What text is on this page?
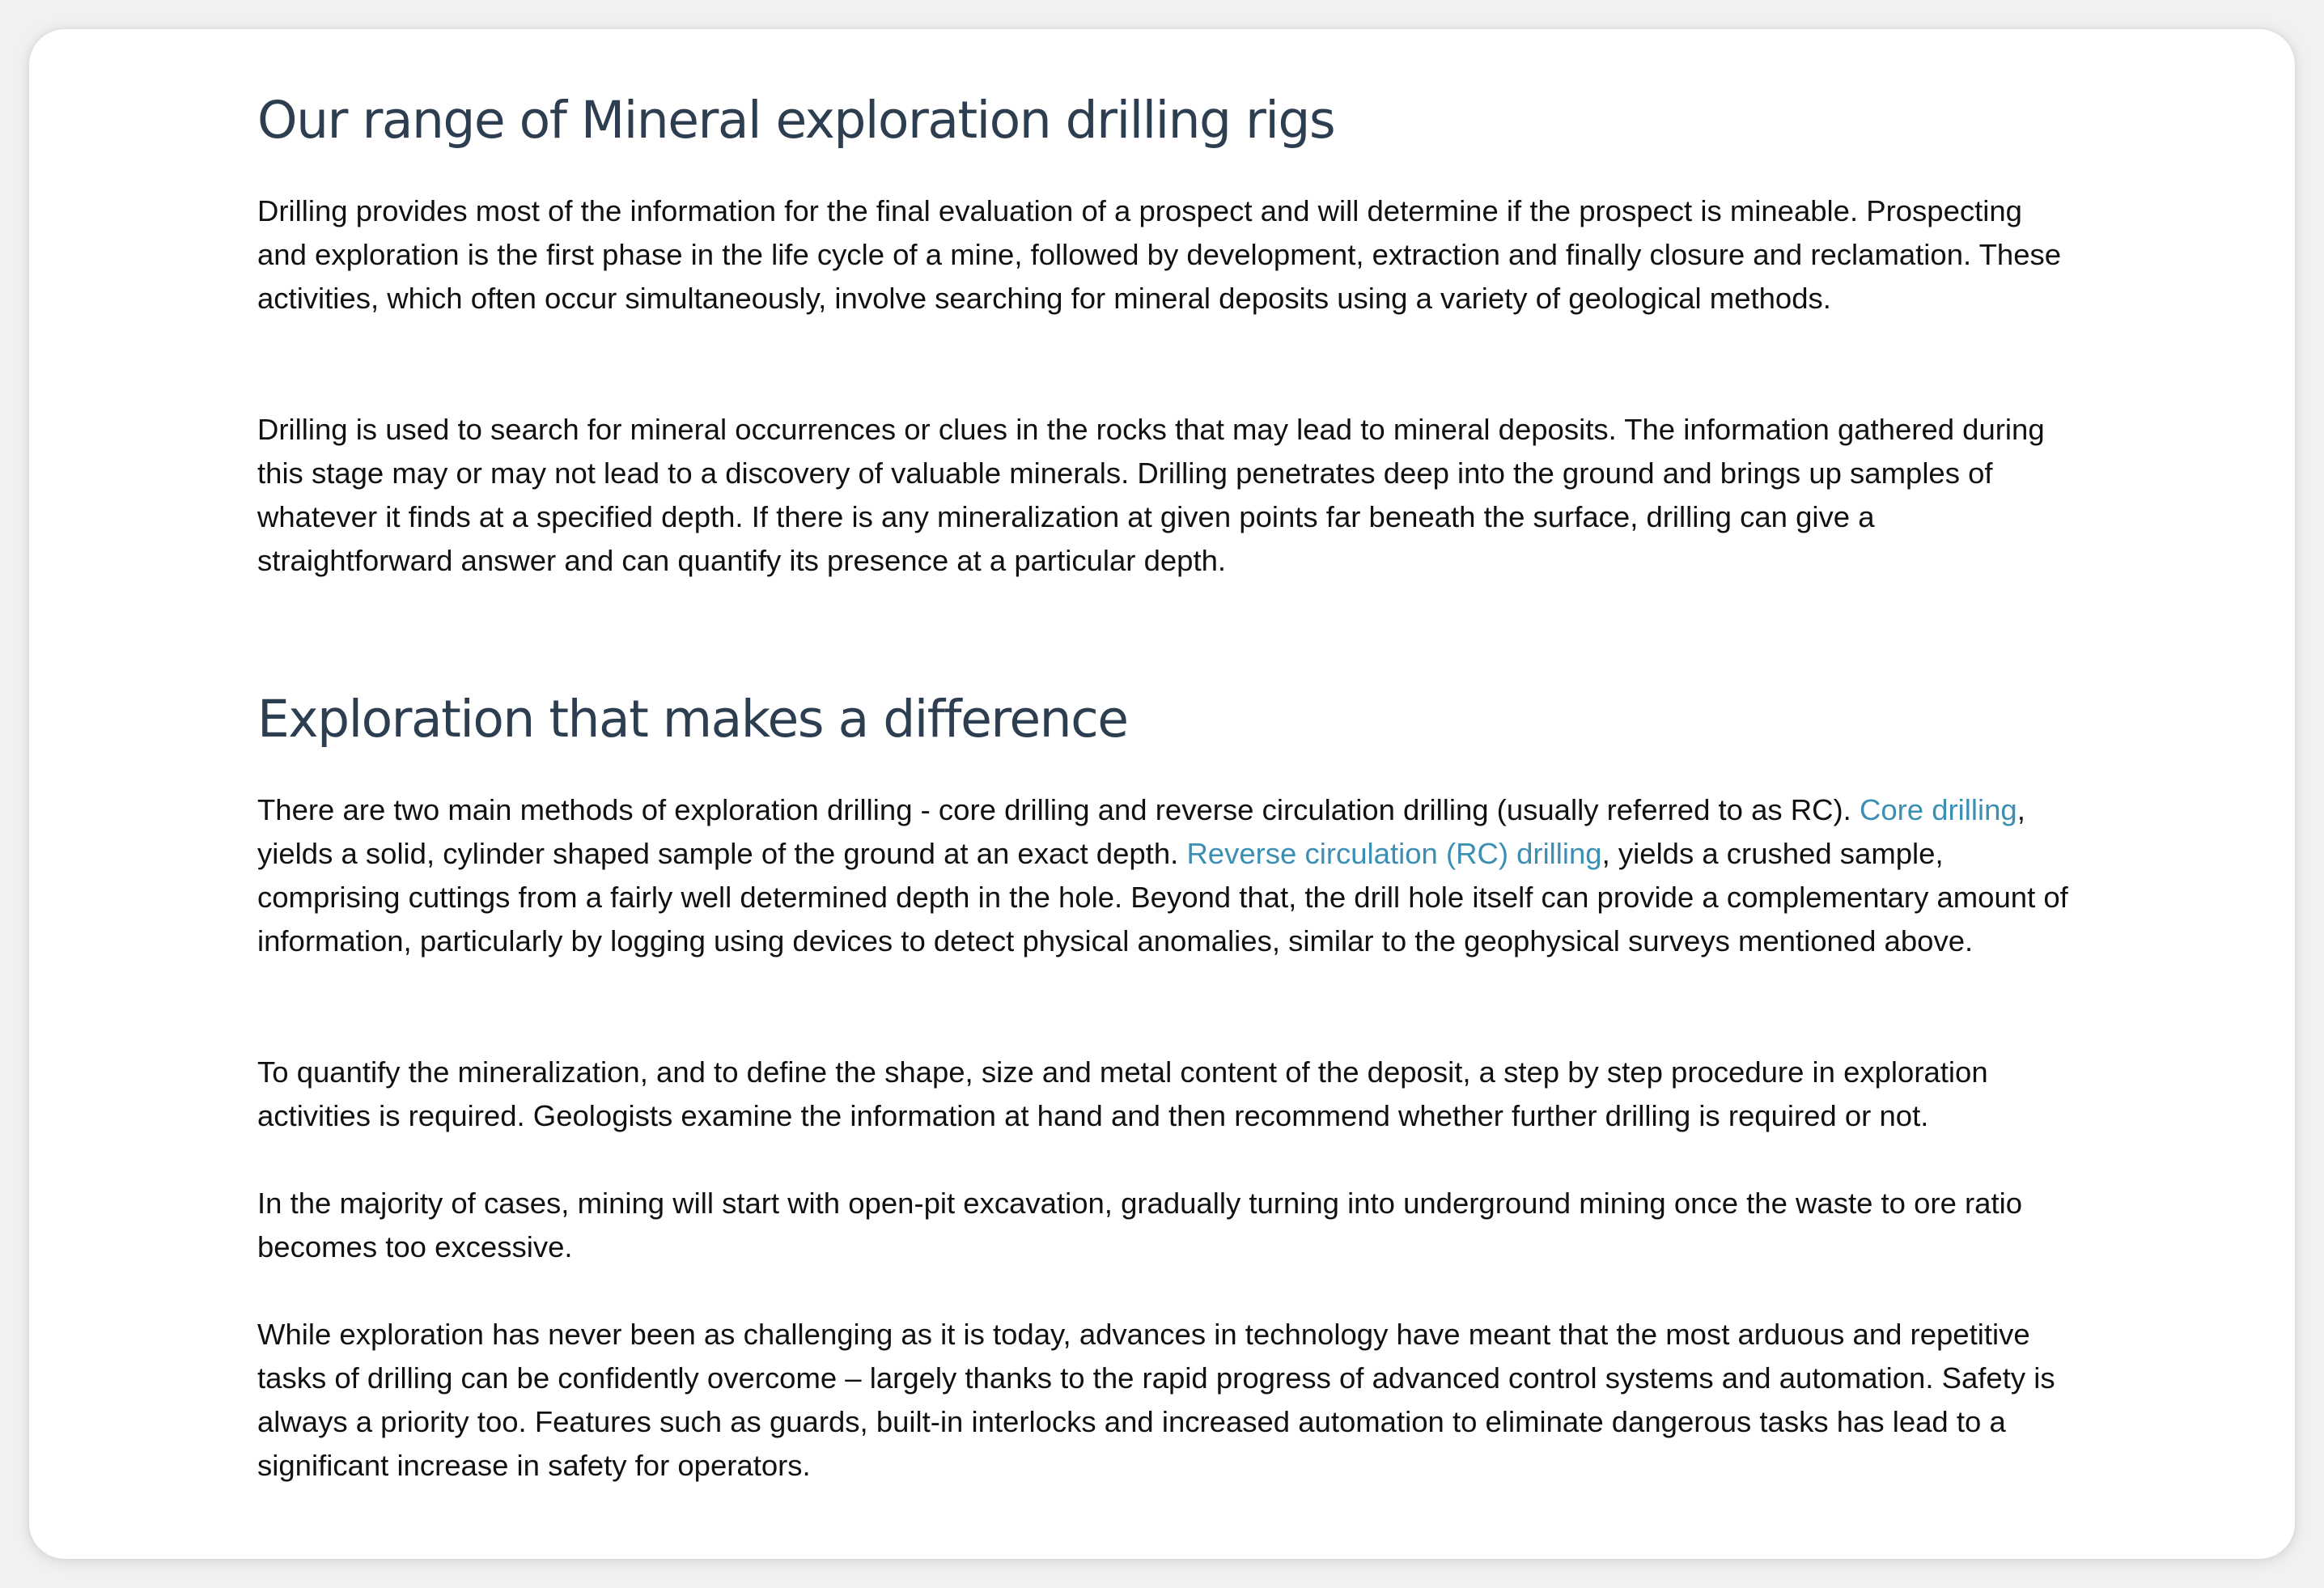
Our range of Mineral exploration drilling rigs

Drilling provides most of the information for the final evaluation of a prospect and will determine if the prospect is mineable. Prospecting and exploration is the first phase in the life cycle of a mine, followed by development, extraction and finally closure and reclamation. These activities, which often occur simultaneously, involve searching for mineral deposits using a variety of geological methods.

Drilling is used to search for mineral occurrences or clues in the rocks that may lead to mineral deposits. The information gathered during this stage may or may not lead to a discovery of valuable minerals. Drilling penetrates deep into the ground and brings up samples of whatever it finds at a specified depth. If there is any mineralization at given points far beneath the surface, drilling can give a straightforward answer and can quantify its presence at a particular depth.

Exploration that makes a difference

There are two main methods of exploration drilling - core drilling and reverse circulation drilling (usually referred to as RC). Core drilling, yields a solid, cylinder shaped sample of the ground at an exact depth. Reverse circulation (RC) drilling, yields a crushed sample, comprising cuttings from a fairly well determined depth in the hole. Beyond that, the drill hole itself can provide a complementary amount of information, particularly by logging using devices to detect physical anomalies, similar to the geophysical surveys mentioned above.

To quantify the mineralization, and to define the shape, size and metal content of the deposit, a step by step procedure in exploration activities is required. Geologists examine the information at hand and then recommend whether further drilling is required or not.

In the majority of cases, mining will start with open-pit excavation, gradually turning into underground mining once the waste to ore ratio becomes too excessive.

While exploration has never been as challenging as it is today, advances in technology have meant that the most arduous and repetitive tasks of drilling can be confidently overcome – largely thanks to the rapid progress of advanced control systems and automation. Safety is always a priority too. Features such as guards, built-in interlocks and increased automation to eliminate dangerous tasks has lead to a significant increase in safety for operators.
